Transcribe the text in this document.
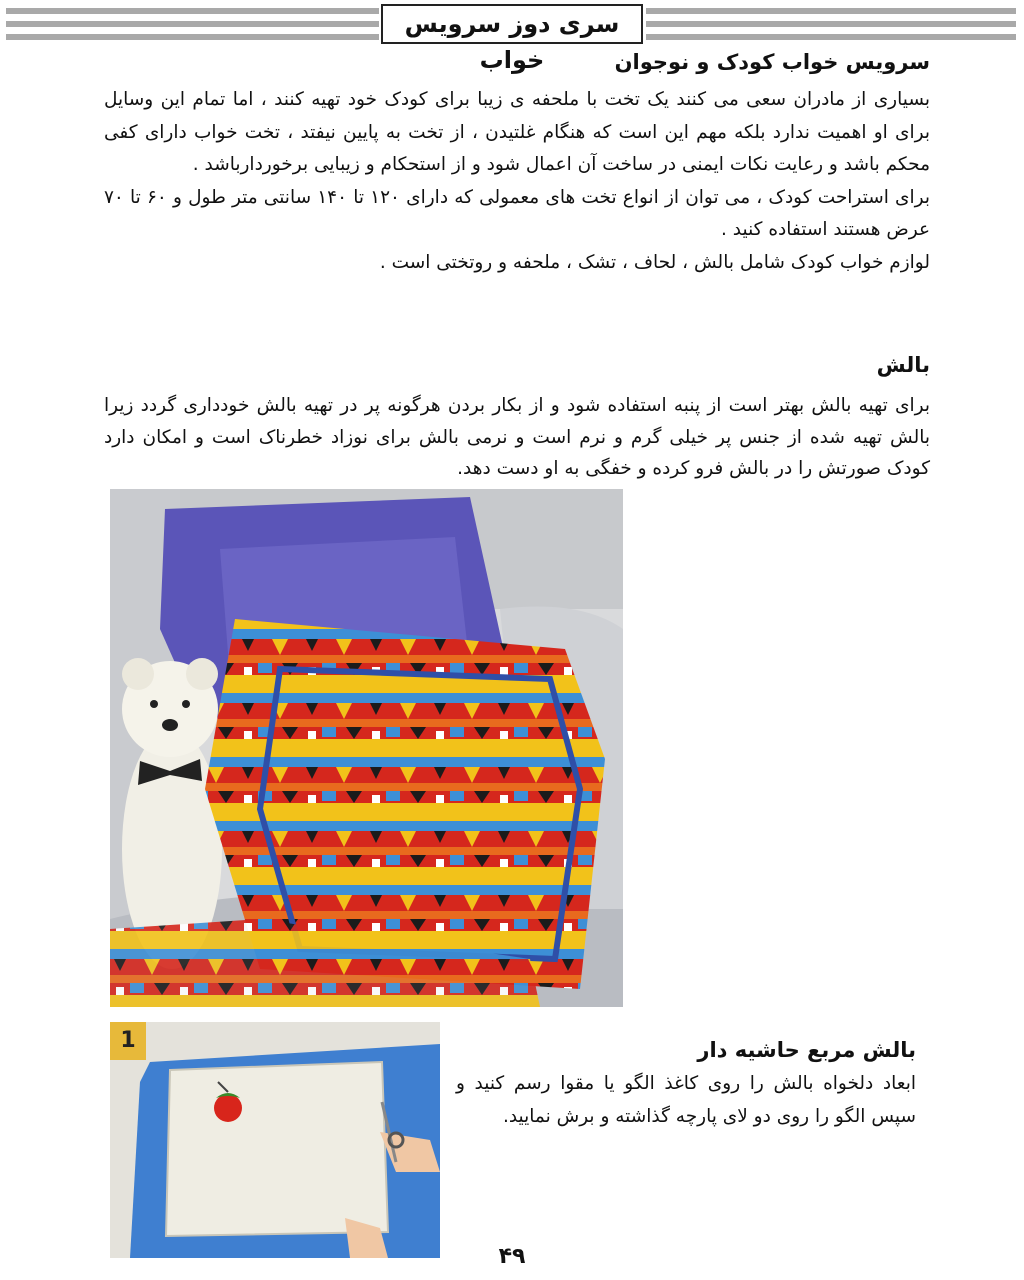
سری دوز سرویس خواب	سرویس خواب کودک و نوجوان

بسیاری از مادران سعی می کنند یک تخت با ملحفه ی زیبا برای کودک خود تهیه کنند ، اما تمام این وسایل برای او اهمیت ندارد بلکه مهم این است که هنگام غلتیدن ، از تخت به پایین نیفتد ، تخت خواب دارای کفی محکم باشد و رعایت نکات ایمنی در ساخت آن اعمال شود و از استحکام و زیبایی برخوردارباشد .

برای استراحت کودک ، می توان از انواع تخت های معمولی که دارای ۱۲۰ تا ۱۴۰ سانتی متر طول و ۶۰ تا ۷۰ عرض هستند استفاده کنید .

لوازم خواب کودک شامل بالش ، لحاف ، تشک ، ملحفه و روتختی است .

بالش

برای تهیه بالش بهتر است از پنبه استفاده شود و از بکار بردن هرگونه پر در تهیه بالش خودداری گردد زیرا بالش تهیه شده از جنس پر خیلی گرم و نرم است و نرمی بالش برای نوزاد خطرناک است و امکان دارد کودک صورتش را در بالش فرو کرده و خفگی به او دست دهد.

بالش مربع حاشیه دار

ابعاد دلخواه بالش را روی کاغذ الگو یا مقوا رسم کنید و سپس الگو را روی دو لای پارچه گذاشته و برش نمایید.

1
۴۹
